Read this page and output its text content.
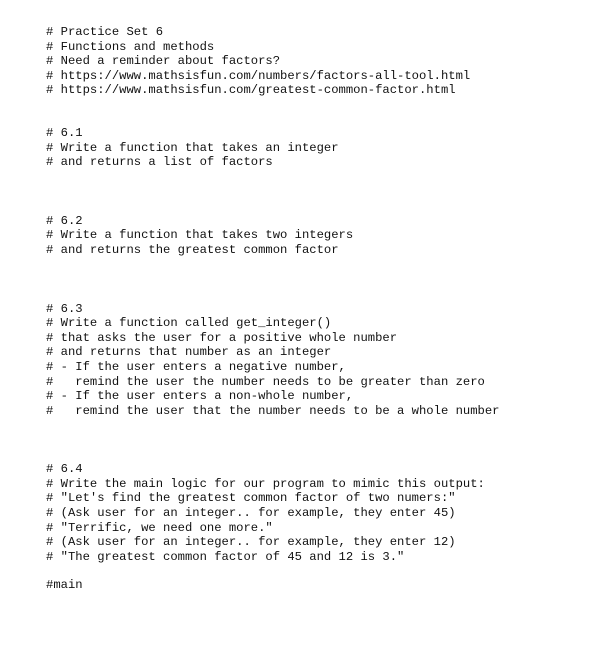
# Practice Set 6
# Functions and methods
# Need a reminder about factors?
# https://www.mathsisfun.com/numbers/factors-all-tool.html
# https://www.mathsisfun.com/greatest-common-factor.html
# 6.1
# Write a function that takes an integer
# and returns a list of factors
# 6.2
# Write a function that takes two integers
# and returns the greatest common factor
# 6.3
# Write a function called get_integer()
# that asks the user for a positive whole number
# and returns that number as an integer
# - If the user enters a negative number,
#   remind the user the number needs to be greater than zero
# - If the user enters a non-whole number,
#   remind the user that the number needs to be a whole number
# 6.4
# Write the main logic for our program to mimic this output:
# "Let's find the greatest common factor of two numers:"
# (Ask user for an integer.. for example, they enter 45)
# "Terrific, we need one more."
# (Ask user for an integer.. for example, they enter 12)
# "The greatest common factor of 45 and 12 is 3."
#main
